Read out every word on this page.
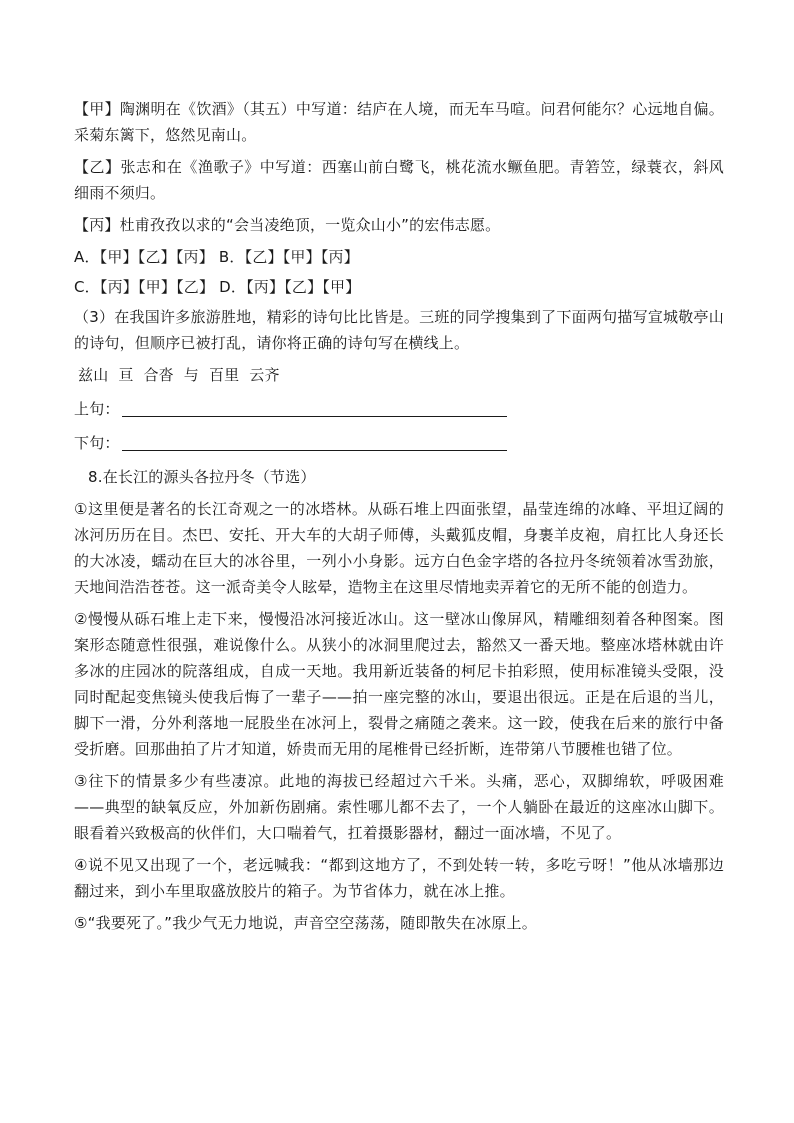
【甲】陶渊明在《饮酒》（其五）中写道：结庐在人境，而无车马喧。问君何能尔？心远地自偏。采菊东篱下，悠然见南山。

【乙】张志和在《渔歌子》中写道：西塞山前白鹭飞，桃花流水鳜鱼肥。青箬笠，绿蓑衣，斜风细雨不须归。

【丙】杜甫孜孜以求的“会当凌绝顶，一览众山小”的宏伟志愿。

A．【甲】【乙】【丙】 B．【乙】【甲】【丙】

C．【丙】【甲】【乙】 D．【丙】【乙】【甲】

（3）在我国许多旅游胜地，精彩的诗句比比皆是。三班的同学搜集到了下面两句描写宣城敬亭山的诗句，但顺序已被打乱，请你将正确的诗句写在横线上。

兹山  亘  合沓  与  百里  云齐
上句：
下句：

8.在长江的源头各拉丹冬（节选）

①这里便是著名的长江奇观之一的冰塔林。从砾石堆上四面张望，晶莹连绵的冰峰、平坦辽阔的冰河历历在目。杰巴、安托、开大车的大胡子师傅，头戴狐皮帽，身裹羊皮袍，肩扛比人身还长的大冰凌，蠕动在巨大的冰谷里，一列小小身影。远方白色金字塔的各拉丹冬统领着冰雪劲旅，天地间浩浩苍苍。这一派奇美令人眩晕，造物主在这里尽情地卖弄着它的无所不能的创造力。

②慢慢从砾石堆上走下来，慢慢沿冰河接近冰山。这一壁冰山像屏风，精雕细刻着各种图案。图案形态随意性很强，难说像什么。从狭小的冰洞里爬过去，豁然又一番天地。整座冰塔林就由许多冰的庄园冰的院落组成，自成一天地。我用新近装备的柯尼卡拍彩照，使用标准镜头受限，没同时配起变焦镜头使我后悔了一辈子——拍一座完整的冰山，要退出很远。正是在后退的当儿，脚下一滑，分外利落地一屁股坐在冰河上，裂骨之痛随之袭来。这一跤，使我在后来的旅行中备受折磨。回那曲拍了片才知道，娇贵而无用的尾椎骨已经折断，连带第八节腰椎也错了位。

③往下的情景多少有些凄凉。此地的海拔已经超过六千米。头痛，恶心，双脚绵软，呼吸困难——典型的缺氧反应，外加新伤剧痛。索性哪儿都不去了，一个人躺卧在最近的这座冰山脚下。眼看着兴致极高的伙伴们，大口喘着气，扛着摄影器材，翻过一面冰墙，不见了。

④说不见又出现了一个，老远喊我：“都到这地方了，不到处转一转，多吃亏呀！”他从冰墙那边翻过来，到小车里取盛放胶片的箱子。为节省体力，就在冰上推。

⑤“我要死了。”我少气无力地说，声音空空荡荡，随即散失在冰原上。
